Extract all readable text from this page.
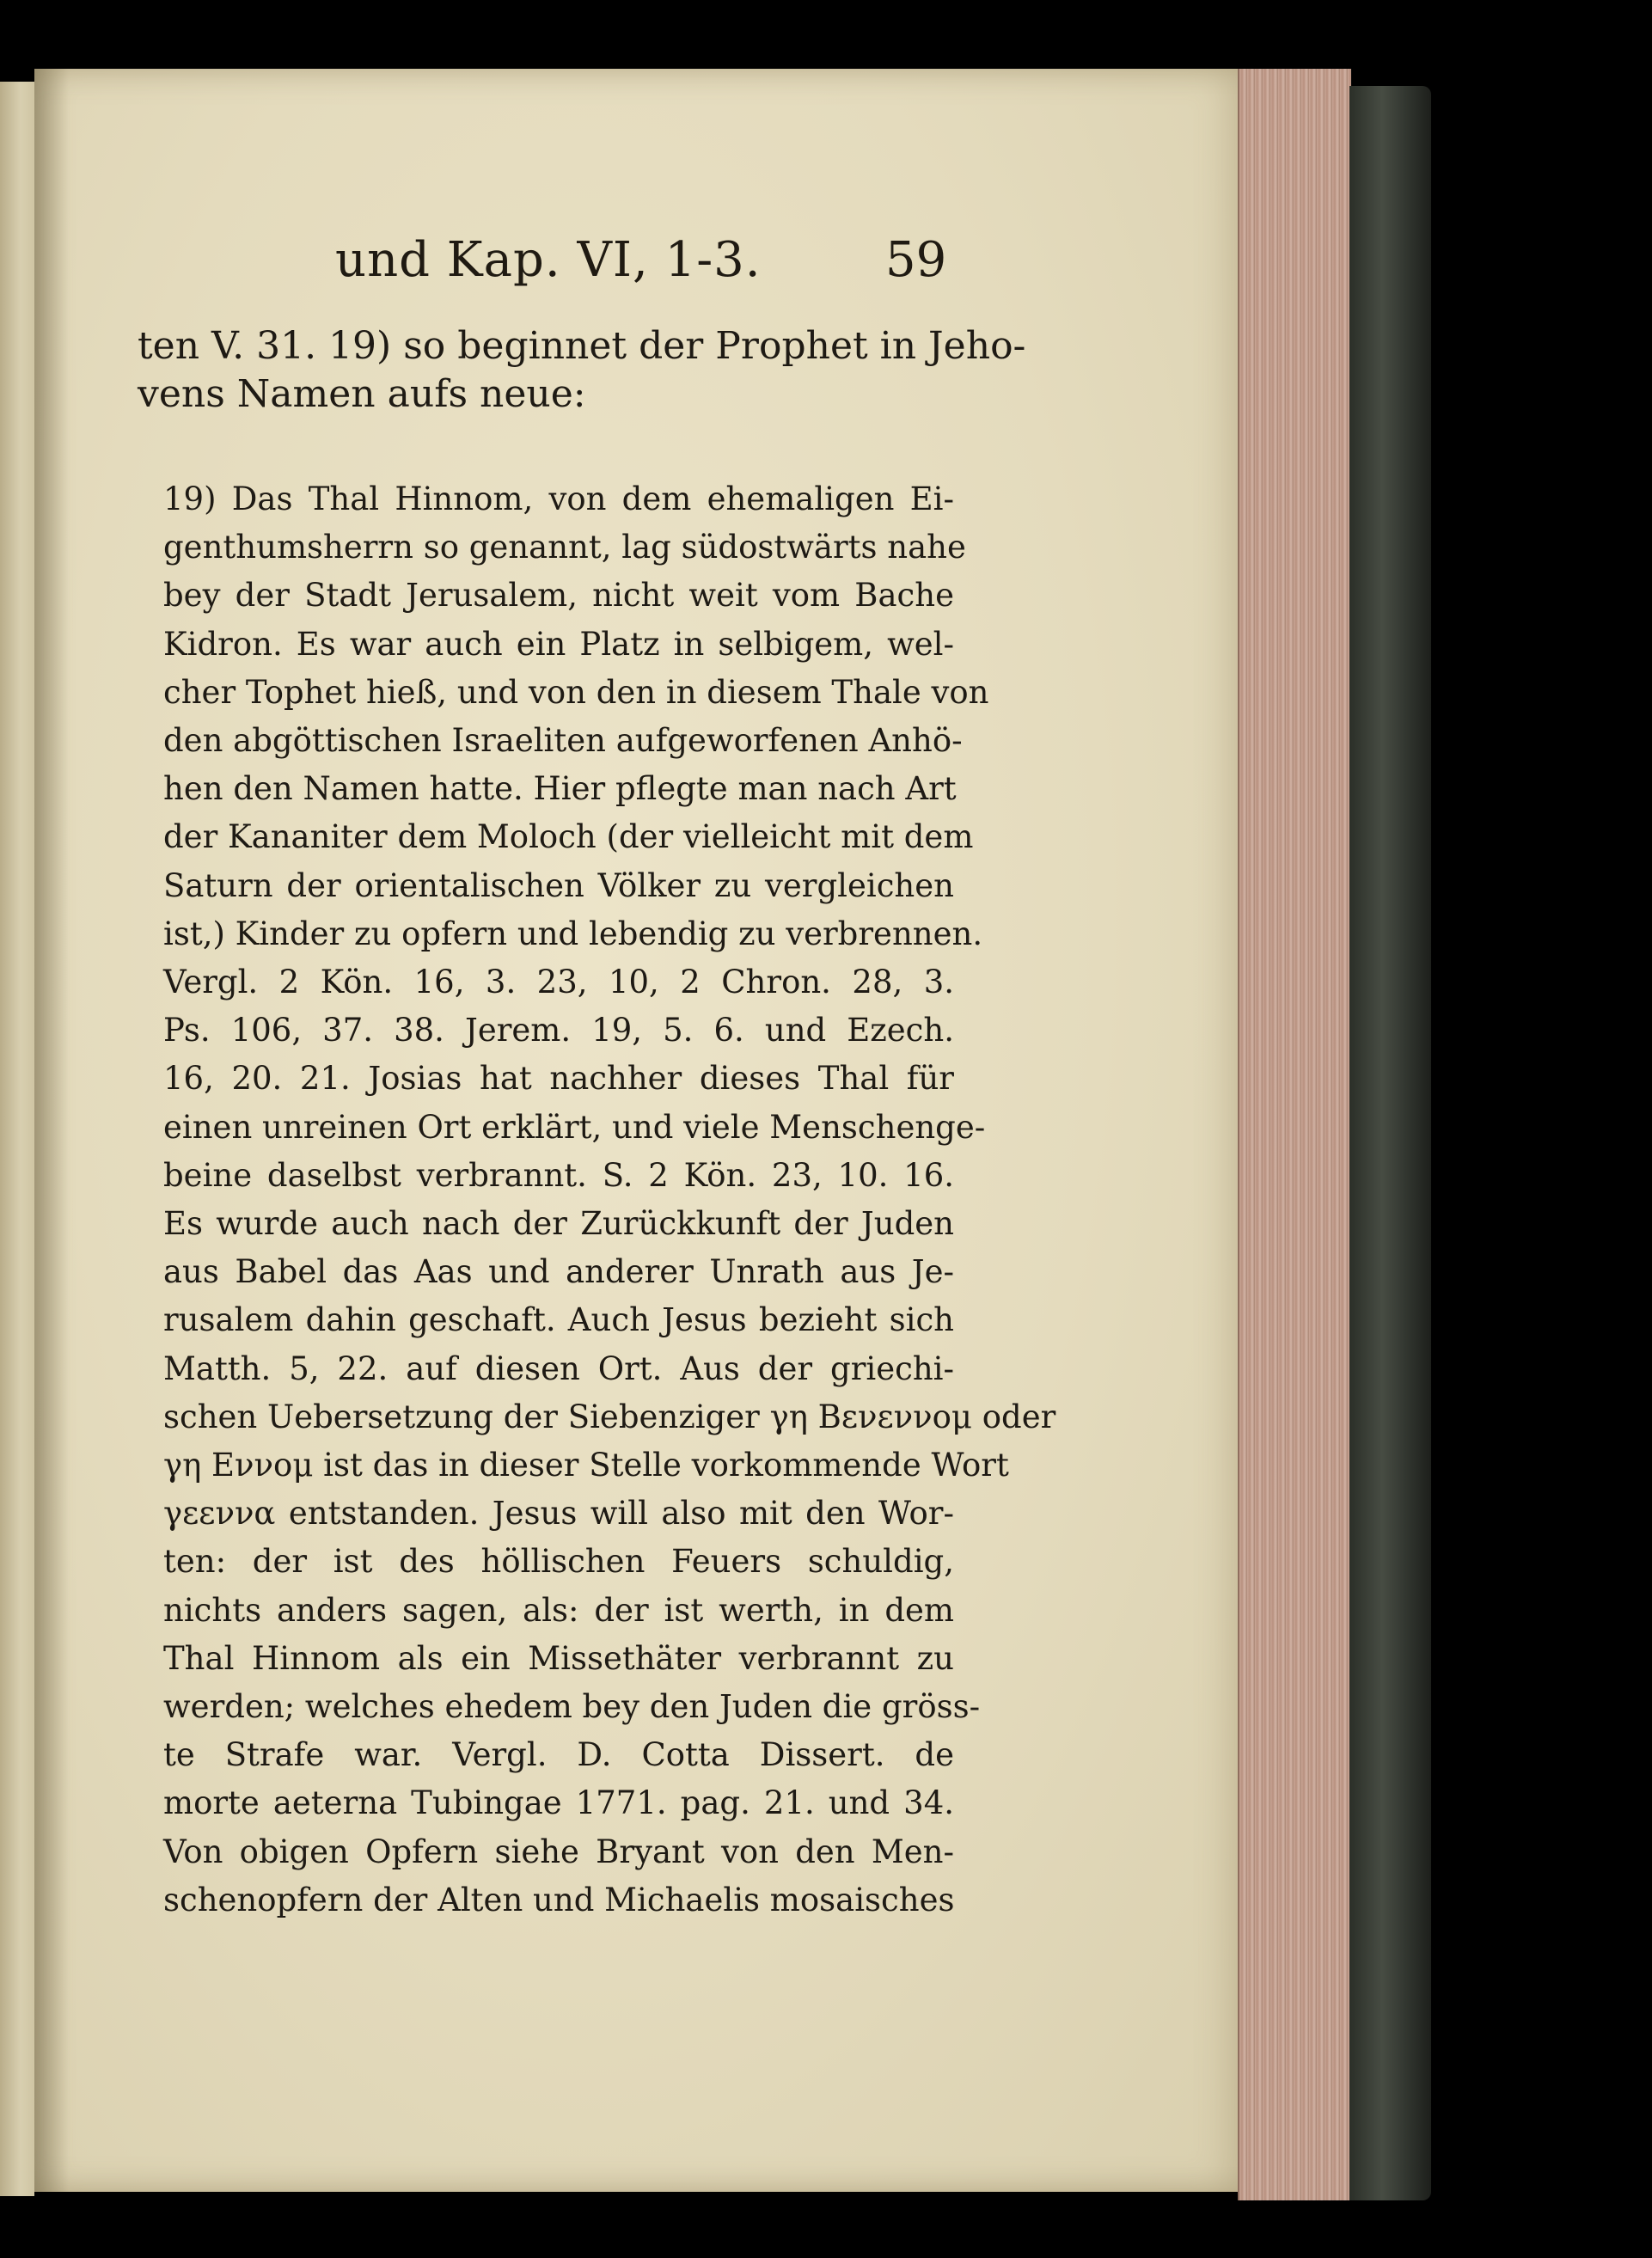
und Kap. VI, 1-3.	59
ten V. 31. 19) so beginnet der Prophet in Jeho-
vens Namen aufs neue:
19) Das Thal Hinnom, von dem ehemaligen Ei-
genthumsherrn so genannt, lag südostwärts nahe
bey der Stadt Jerusalem, nicht weit vom Bache
Kidron. Es war auch ein Platz in selbigem, wel-
cher Tophet hieß, und von den in diesem Thale von
den abgöttischen Israeliten aufgeworfenen Anhö-
hen den Namen hatte. Hier pflegte man nach Art
der Kananiter dem Moloch (der vielleicht mit dem
Saturn der orientalischen Völker zu vergleichen
ist,) Kinder zu opfern und lebendig zu verbrennen.
Vergl. 2 Kön. 16, 3. 23, 10, 2 Chron. 28, 3.
Ps. 106, 37. 38. Jerem. 19, 5. 6. und Ezech.
16, 20. 21. Josias hat nachher dieses Thal für
einen unreinen Ort erklärt, und viele Menschenge-
beine daselbst verbrannt. S. 2 Kön. 23, 10. 16.
Es wurde auch nach der Zurückkunft der Juden
aus Babel das Aas und anderer Unrath aus Je-
rusalem dahin geschaft. Auch Jesus bezieht sich
Matth. 5, 22. auf diesen Ort. Aus der griechi-
schen Uebersetzung der Siebenziger γη Βενεννομ oder
γη Εννομ ist das in dieser Stelle vorkommende Wort
γεεννα entstanden. Jesus will also mit den Wor-
ten: der ist des höllischen Feuers schuldig,
nichts anders sagen, als: der ist werth, in dem
Thal Hinnom als ein Missethäter verbrannt zu
werden; welches ehedem bey den Juden die gröss-
te Strafe war. Vergl. D. Cotta Dissert. de
morte aeterna Tubingae 1771. pag. 21. und 34.
Von obigen Opfern siehe Bryant von den Men-
schenopfern der Alten und Michaelis mosaisches
